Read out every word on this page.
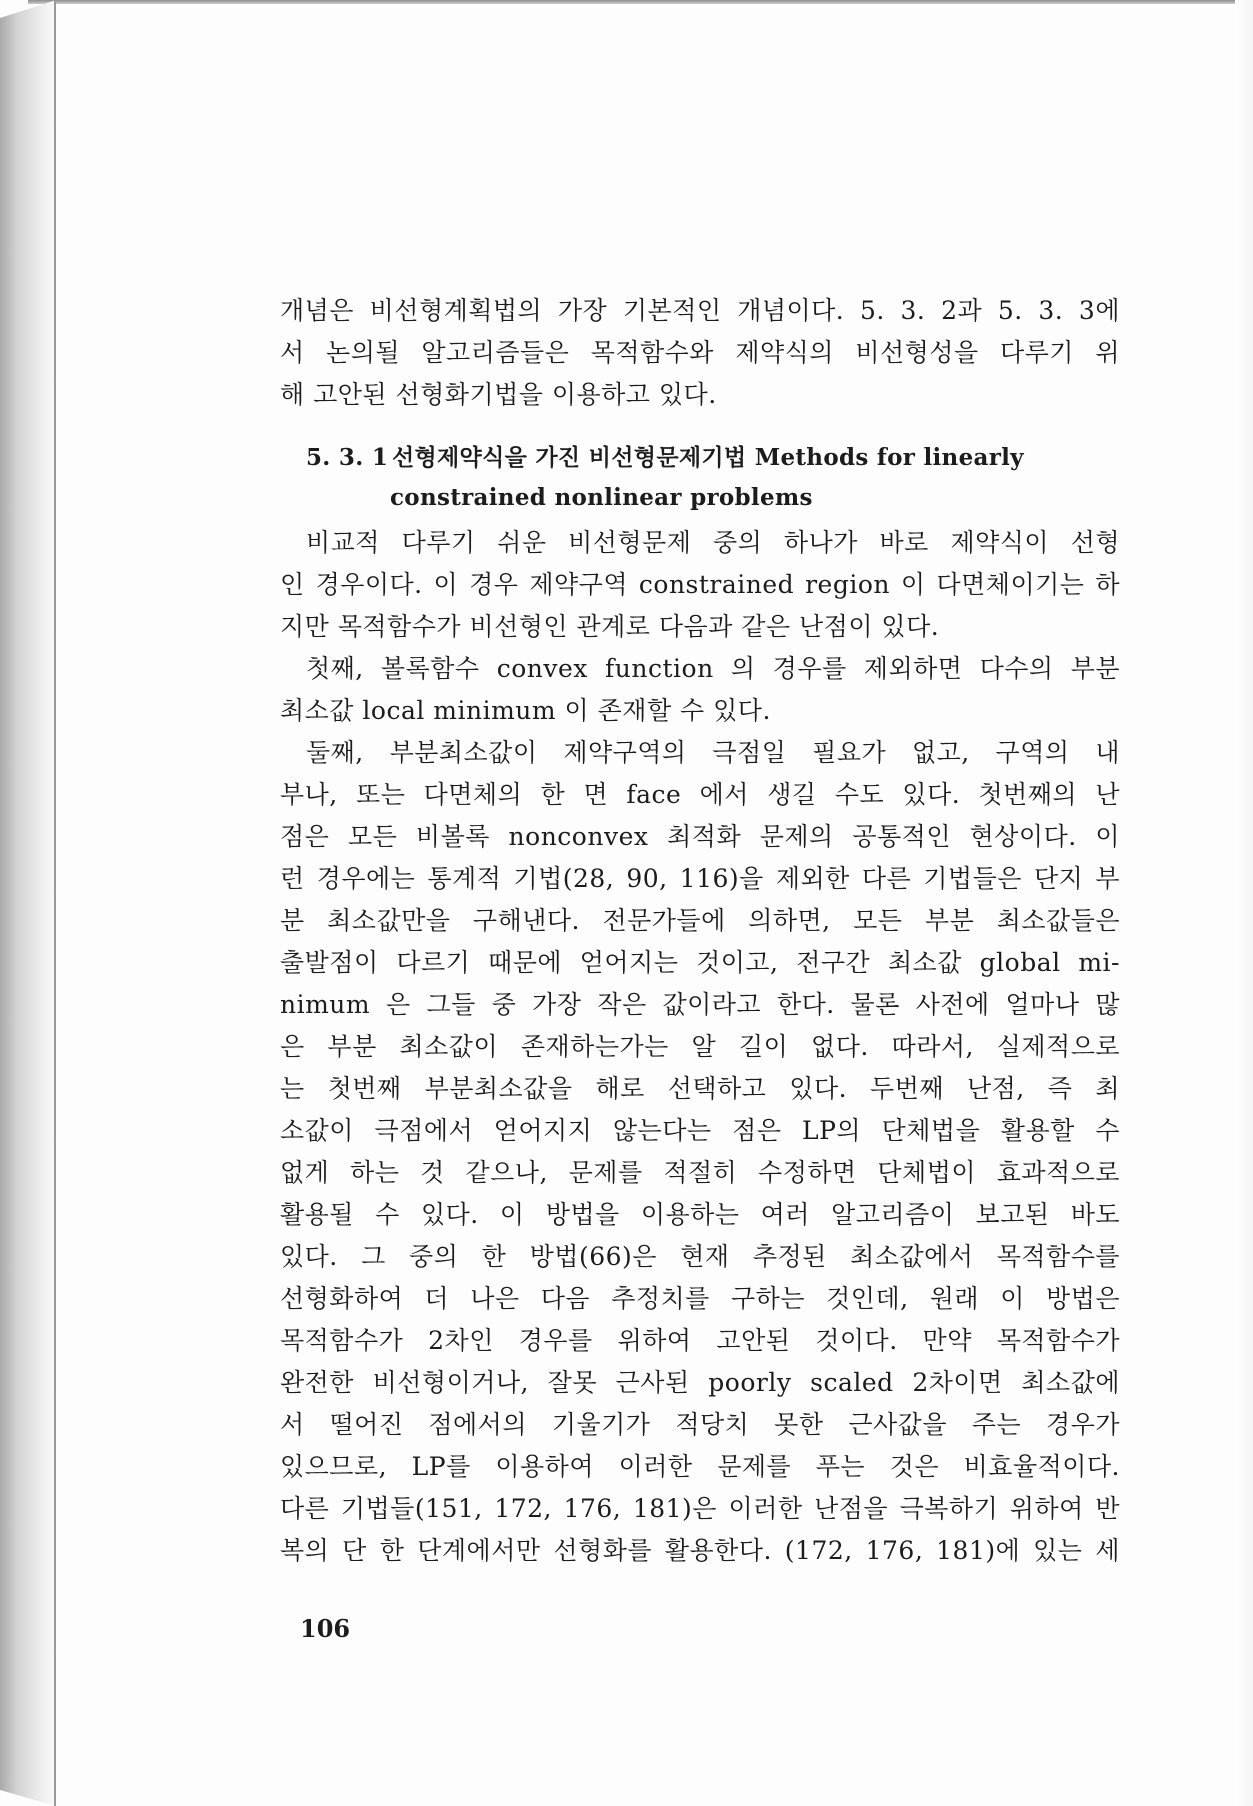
개념은 비선형계획법의 가장 기본적인 개념이다. 5. 3. 2과 5. 3. 3에
서 논의될 알고리즘들은 목적함수와 제약식의 비선형성을 다루기 위
해 고안된 선형화기법을 이용하고 있다.
5. 3. 1 선형제약식을 가진 비선형문제기법 Methods for linearly
constrained nonlinear problems
비교적 다루기 쉬운 비선형문제 중의 하나가 바로 제약식이 선형
인 경우이다. 이 경우 제약구역 constrained region 이 다면체이기는 하
지만 목적함수가 비선형인 관계로 다음과 같은 난점이 있다.
첫째, 볼록함수 convex function 의 경우를 제외하면 다수의 부분
최소값 local minimum 이 존재할 수 있다.
둘째, 부분최소값이 제약구역의 극점일 필요가 없고, 구역의 내
부나, 또는 다면체의 한 면 face 에서 생길 수도 있다. 첫번째의 난
점은 모든 비볼록 nonconvex 최적화 문제의 공통적인 현상이다. 이
런 경우에는 통계적 기법(28, 90, 116)을 제외한 다른 기법들은 단지 부
분 최소값만을 구해낸다. 전문가들에 의하면, 모든 부분 최소값들은
출발점이 다르기 때문에 얻어지는 것이고, 전구간 최소값 global mi-
nimum 은 그들 중 가장 작은 값이라고 한다. 물론 사전에 얼마나 많
은 부분 최소값이 존재하는가는 알 길이 없다. 따라서, 실제적으로
는 첫번째 부분최소값을 해로 선택하고 있다. 두번째 난점, 즉 최
소값이 극점에서 얻어지지 않는다는 점은 LP의 단체법을 활용할 수
없게 하는 것 같으나, 문제를 적절히 수정하면 단체법이 효과적으로
활용될 수 있다. 이 방법을 이용하는 여러 알고리즘이 보고된 바도
있다. 그 중의 한 방법(66)은 현재 추정된 최소값에서 목적함수를
선형화하여 더 나은 다음 추정치를 구하는 것인데, 원래 이 방법은
목적함수가 2차인 경우를 위하여 고안된 것이다. 만약 목적함수가
완전한 비선형이거나, 잘못 근사된 poorly scaled 2차이면 최소값에
서 떨어진 점에서의 기울기가 적당치 못한 근사값을 주는 경우가
있으므로, LP를 이용하여 이러한 문제를 푸는 것은 비효율적이다.
다른 기법들(151, 172, 176, 181)은 이러한 난점을 극복하기 위하여 반
복의 단 한 단계에서만 선형화를 활용한다. (172, 176, 181)에 있는 세
106
